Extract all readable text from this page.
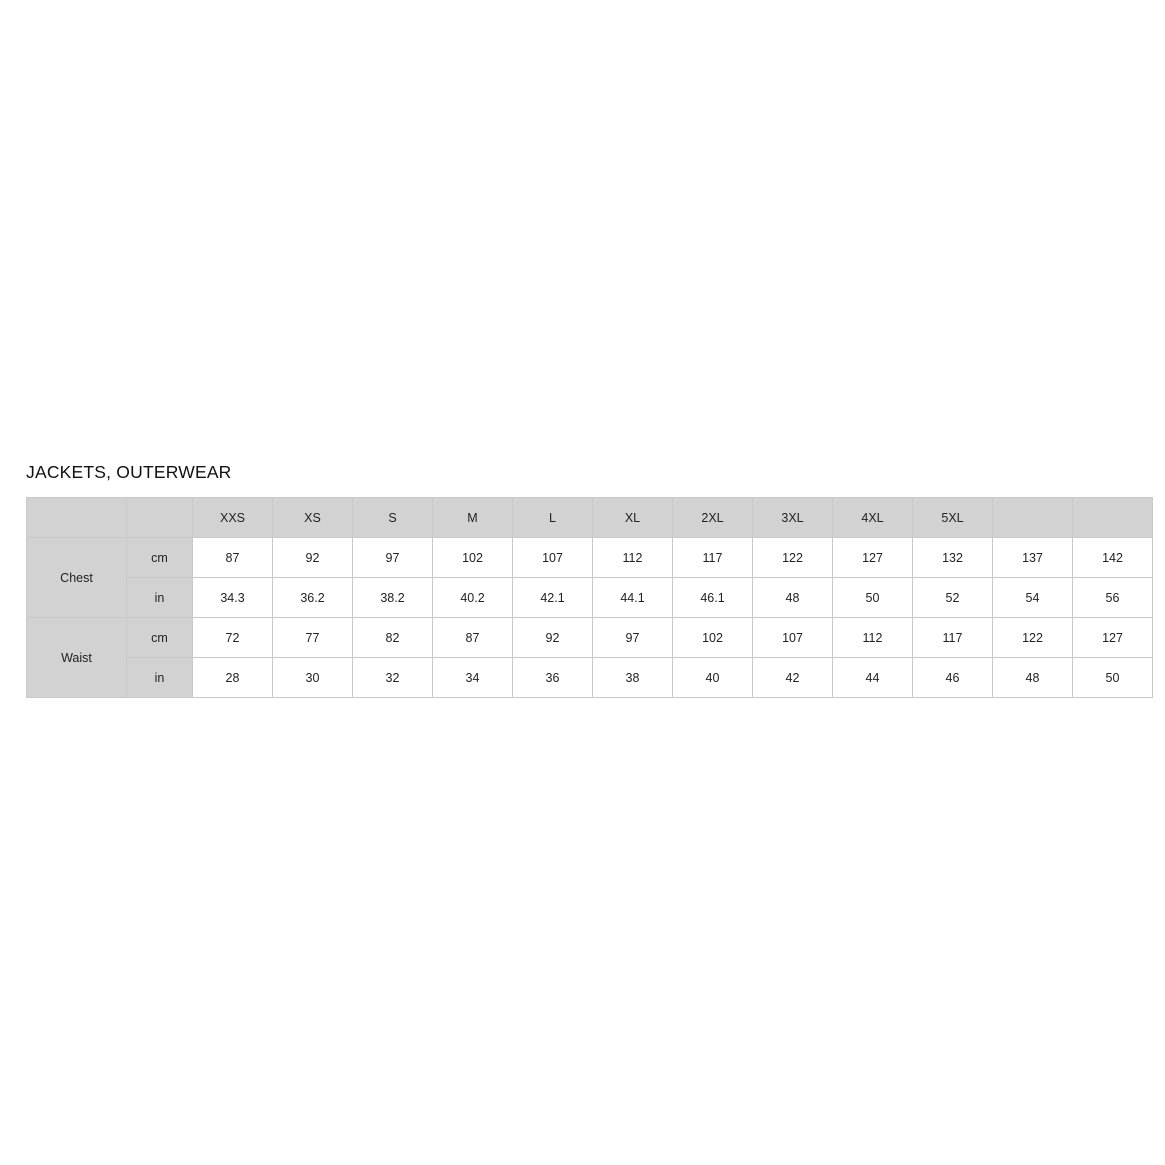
JACKETS, OUTERWEAR
		XXS	XS	S	M	L	XL	2XL	3XL	4XL	5XL		
Chest	cm	87	92	97	102	107	112	117	122	127	132	137	142
	in	34.3	36.2	38.2	40.2	42.1	44.1	46.1	48	50	52	54	56
Waist	cm	72	77	82	87	92	97	102	107	112	117	122	127
	in	28	30	32	34	36	38	40	42	44	46	48	50
